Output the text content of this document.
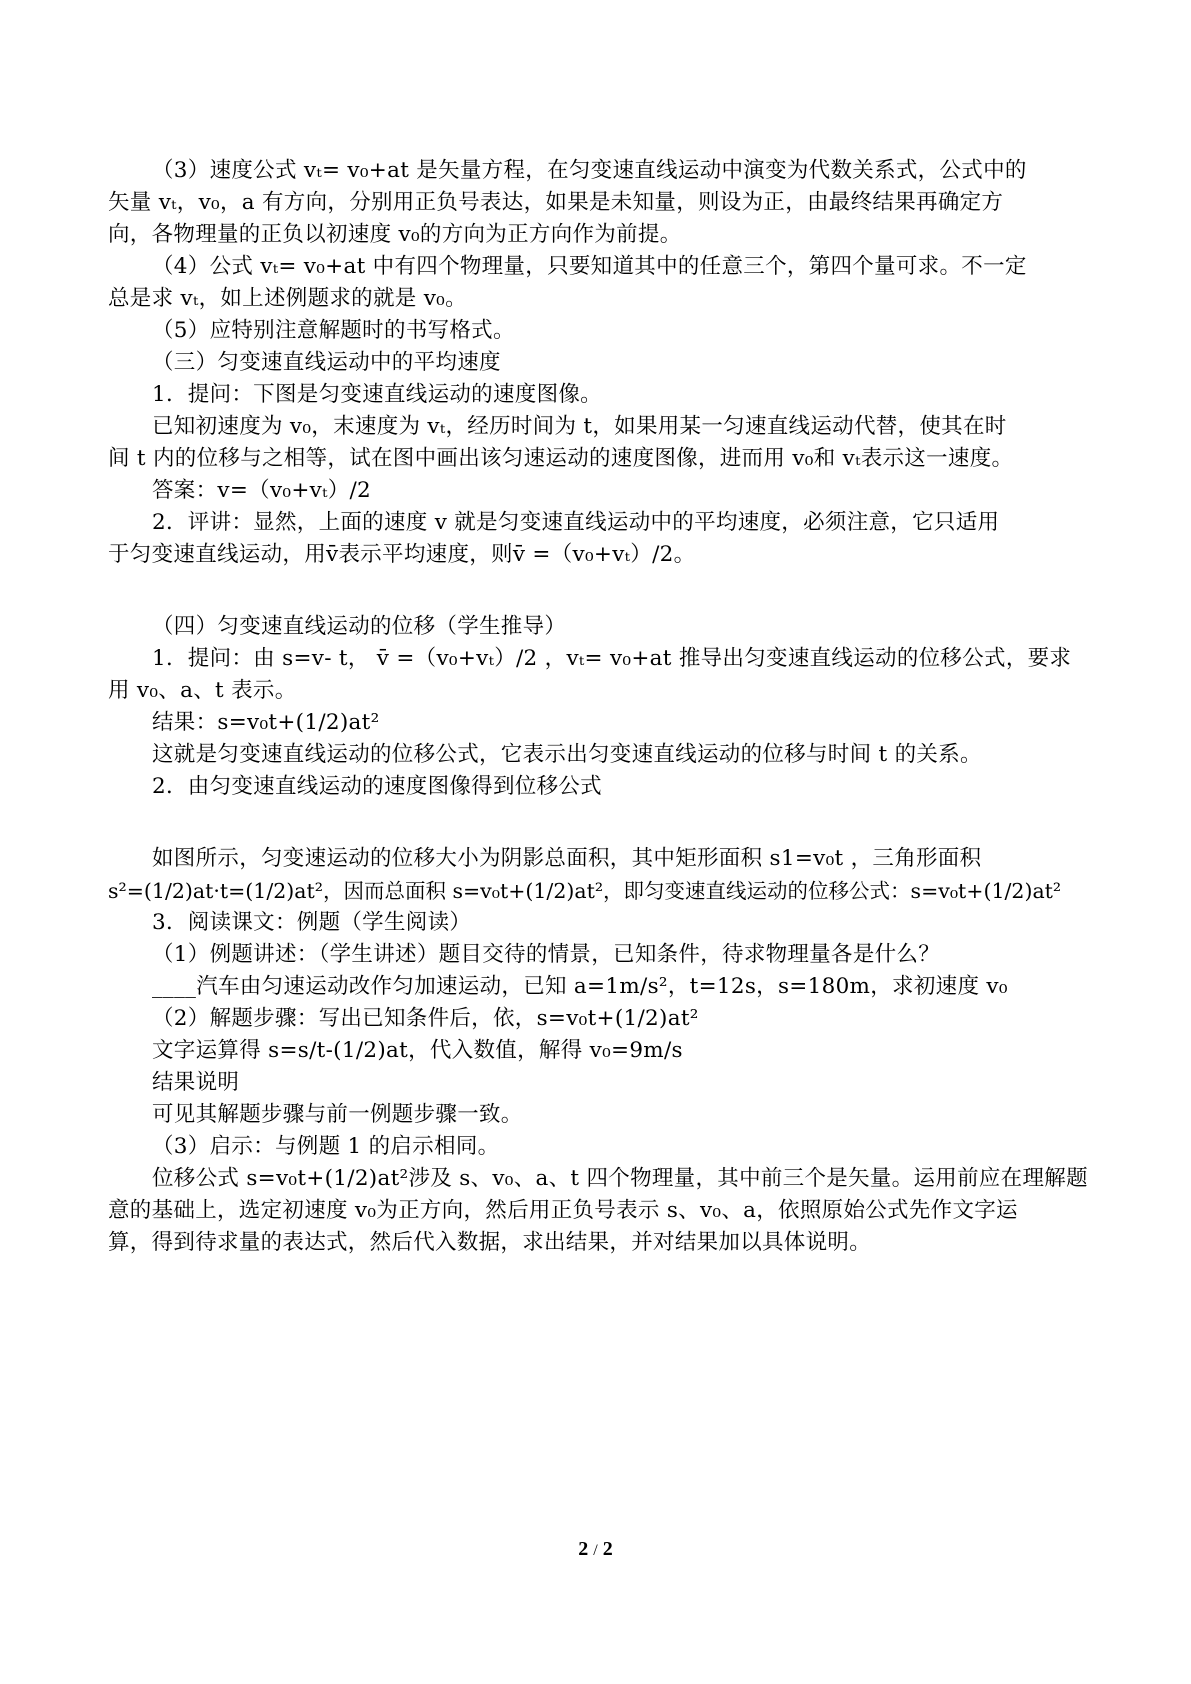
（3）速度公式 vₜ= v₀+at 是矢量方程，在匀变速直线运动中演变为代数关系式，公式中的
矢量 vₜ，v₀，a 有方向，分别用正负号表达，如果是未知量，则设为正，由最终结果再确定方
向，各物理量的正负以初速度 v₀的方向为正方向作为前提。
（4）公式 vₜ= v₀+at 中有四个物理量，只要知道其中的任意三个，第四个量可求。不一定
总是求 vₜ，如上述例题求的就是 v₀。
（5）应特别注意解题时的书写格式。
（三）匀变速直线运动中的平均速度
1．提问：下图是匀变速直线运动的速度图像。
已知初速度为 v₀，末速度为 vₜ，经历时间为 t，如果用某一匀速直线运动代替，使其在时
间 t 内的位移与之相等，试在图中画出该匀速运动的速度图像，进而用 v₀和 vₜ表示这一速度。
答案：v=（v₀+vₜ）/2
2．评讲：显然，上面的速度 v 就是匀变速直线运动中的平均速度，必须注意，它只适用
于匀变速直线运动，用v̄表示平均速度，则v̄ =（v₀+vₜ）/2。
（四）匀变速直线运动的位移（学生推导）
1．提问：由 s=v- t， v̄ =（v₀+vₜ）/2 ，vₜ= v₀+at 推导出匀变速直线运动的位移公式，要求
用 v₀、a、t 表示。
结果：s=v₀t+(1/2)at²
这就是匀变速直线运动的位移公式，它表示出匀变速直线运动的位移与时间 t 的关系。
2．由匀变速直线运动的速度图像得到位移公式
如图所示，匀变速运动的位移大小为阴影总面积，其中矩形面积 s1=v₀t ，三角形面积
s²=(1/2)at·t=(1/2)at²，因而总面积 s=v₀t+(1/2)at²，即匀变速直线运动的位移公式：s=v₀t+(1/2)at²
3．阅读课文：例题（学生阅读）
（1）例题讲述：（学生讲述）题目交待的情景，已知条件，待求物理量各是什么？
____汽车由匀速运动改作匀加速运动，已知 a=1m/s²，t=12s，s=180m，求初速度 v₀
（2）解题步骤：写出已知条件后，依，s=v₀t+(1/2)at²
文字运算得 s=s/t-(1/2)at，代入数值，解得 v₀=9m/s
结果说明
可见其解题步骤与前一例题步骤一致。
（3）启示：与例题 1 的启示相同。
位移公式 s=v₀t+(1/2)at²涉及 s、v₀、a、t 四个物理量，其中前三个是矢量。运用前应在理解题
意的基础上，选定初速度 v₀为正方向，然后用正负号表示 s、v₀、a，依照原始公式先作文字运
算，得到待求量的表达式，然后代入数据，求出结果，并对结果加以具体说明。
2 / 2
